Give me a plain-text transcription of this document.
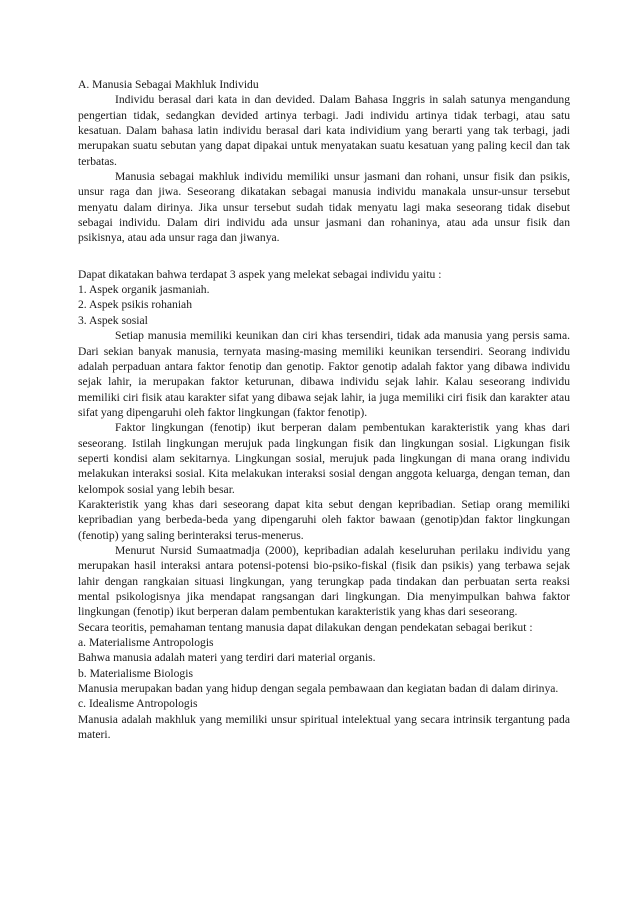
A. Manusia Sebagai Makhluk Individu

Individu berasal dari kata in dan devided. Dalam Bahasa Inggris in salah satunya mengandung pengertian tidak, sedangkan devided artinya terbagi. Jadi individu artinya tidak terbagi, atau satu kesatuan. Dalam bahasa latin individu berasal dari kata individium yang berarti yang tak terbagi, jadi merupakan suatu sebutan yang dapat dipakai untuk menyatakan suatu kesatuan yang paling kecil dan tak terbatas.

Manusia sebagai makhluk individu memiliki unsur jasmani dan rohani, unsur fisik dan psikis, unsur raga dan jiwa. Seseorang dikatakan sebagai manusia individu manakala unsur-unsur tersebut menyatu dalam dirinya. Jika unsur tersebut sudah tidak menyatu lagi maka seseorang tidak disebut sebagai individu. Dalam diri individu ada unsur jasmani dan rohaninya, atau ada unsur fisik dan psikisnya, atau ada unsur raga dan jiwanya.

Dapat dikatakan bahwa terdapat 3 aspek yang melekat sebagai individu yaitu :

1. Aspek organik jasmaniah.

2. Aspek psikis rohaniah

3. Aspek sosial

Setiap manusia memiliki keunikan dan ciri khas tersendiri, tidak ada manusia yang persis sama. Dari sekian banyak manusia, ternyata masing-masing memiliki keunikan tersendiri. Seorang individu adalah perpaduan antara faktor fenotip dan genotip. Faktor genotip adalah faktor yang dibawa individu sejak lahir, ia merupakan faktor keturunan, dibawa individu sejak lahir. Kalau seseorang individu memiliki ciri fisik atau karakter sifat yang dibawa sejak lahir, ia juga memiliki ciri fisik dan karakter atau sifat yang dipengaruhi oleh faktor lingkungan (faktor fenotip).

Faktor lingkungan (fenotip) ikut berperan dalam pembentukan karakteristik yang khas dari seseorang. Istilah lingkungan merujuk pada lingkungan fisik dan lingkungan sosial. Ligkungan fisik seperti kondisi alam sekitarnya. Lingkungan sosial, merujuk pada lingkungan di mana orang individu melakukan interaksi sosial. Kita melakukan interaksi sosial dengan anggota keluarga, dengan teman, dan kelompok sosial yang lebih besar.

Karakteristik yang khas dari seseorang dapat kita sebut dengan kepribadian. Setiap orang memiliki kepribadian yang berbeda-beda yang dipengaruhi oleh faktor bawaan (genotip)dan faktor lingkungan (fenotip) yang saling berinteraksi terus-menerus.

Menurut Nursid Sumaatmadja (2000), kepribadian adalah keseluruhan perilaku individu yang merupakan hasil interaksi antara potensi-potensi bio-psiko-fiskal (fisik dan psikis) yang terbawa sejak lahir dengan rangkaian situasi lingkungan, yang terungkap pada tindakan dan perbuatan serta reaksi mental psikologisnya jika mendapat rangsangan dari lingkungan. Dia menyimpulkan bahwa faktor lingkungan (fenotip) ikut berperan dalam pembentukan karakteristik yang khas dari seseorang.

Secara teoritis, pemahaman tentang manusia dapat dilakukan dengan pendekatan sebagai berikut :

a. Materialisme Antropologis

Bahwa manusia adalah materi yang terdiri dari material organis.

b. Materialisme Biologis

Manusia merupakan badan yang hidup dengan segala pembawaan dan kegiatan badan di dalam dirinya.

c. Idealisme Antropologis

Manusia adalah makhluk yang memiliki unsur spiritual intelektual yang secara intrinsik tergantung pada materi.
